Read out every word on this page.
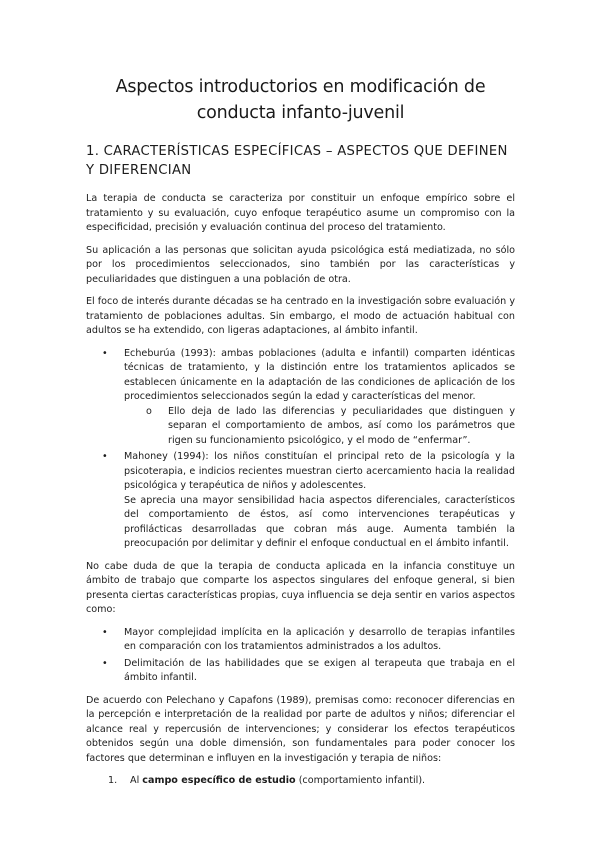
Aspectos introductorios en modificación de
conducta infanto-juvenil
1. CARACTERÍSTICAS ESPECÍFICAS – ASPECTOS QUE DEFINEN Y DIFERENCIAN

La terapia de conducta se caracteriza por constituir un enfoque empírico sobre el tratamiento y su evaluación, cuyo enfoque terapéutico asume un compromiso con la especificidad, precisión y evaluación continua del proceso del tratamiento.

Su aplicación a las personas que solicitan ayuda psicológica está mediatizada, no sólo por los procedimientos seleccionados, sino también por las características y peculiaridades que distinguen a una población de otra.

El foco de interés durante décadas se ha centrado en la investigación sobre evaluación y tratamiento de poblaciones adultas. Sin embargo, el modo de actuación habitual con adultos se ha extendido, con ligeras adaptaciones, al ámbito infantil.

• Echeburúa (1993): ambas poblaciones (adulta e infantil) comparten idénticas técnicas de tratamiento, y la distinción entre los tratamientos aplicados se establecen únicamente en la adaptación de las condiciones de aplicación de los procedimientos seleccionados según la edad y características del menor.
o Ello deja de lado las diferencias y peculiaridades que distinguen y separan el comportamiento de ambos, así como los parámetros que rigen su funcionamiento psicológico, y el modo de “enfermar”.
• Mahoney (1994): los niños constituían el principal reto de la psicología y la psicoterapia, e indicios recientes muestran cierto acercamiento hacia la realidad psicológica y terapéutica de niños y adolescentes.
Se aprecia una mayor sensibilidad hacia aspectos diferenciales, característicos del comportamiento de éstos, así como intervenciones terapéuticas y profilácticas desarrolladas que cobran más auge. Aumenta también la preocupación por delimitar y definir el enfoque conductual en el ámbito infantil.

No cabe duda de que la terapia de conducta aplicada en la infancia constituye un ámbito de trabajo que comparte los aspectos singulares del enfoque general, si bien presenta ciertas características propias, cuya influencia se deja sentir en varios aspectos como:

• Mayor complejidad implícita en la aplicación y desarrollo de terapias infantiles en comparación con los tratamientos administrados a los adultos.
• Delimitación de las habilidades que se exigen al terapeuta que trabaja en el ámbito infantil.

De acuerdo con Pelechano y Capafons (1989), premisas como: reconocer diferencias en la percepción e interpretación de la realidad por parte de adultos y niños; diferenciar el alcance real y repercusión de intervenciones; y considerar los efectos terapéuticos obtenidos según una doble dimensión, son fundamentales para poder conocer los factores que determinan e influyen en la investigación y terapia de niños:

1. Al campo específico de estudio (comportamiento infantil).
